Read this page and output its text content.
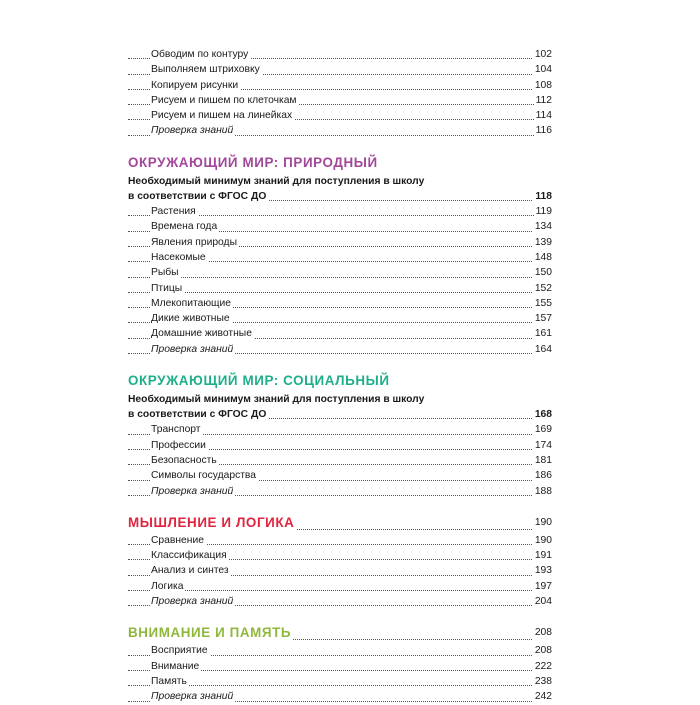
Обводим по контуру	102
Выполняем штриховку	104
Копируем рисунки	108
Рисуем и пишем по клеточкам	112
Рисуем и пишем на линейках	114
Проверка знаний	116
ОКРУЖАЮЩИЙ МИР: ПРИРОДНЫЙ
Необходимый минимум знаний для поступления в школу
в соответствии с ФГОС ДО	118
Растения	119
Времена года	134
Явления природы	139
Насекомые	148
Рыбы	150
Птицы	152
Млекопитающие	155
Дикие животные	157
Домашние животные	161
Проверка знаний	164
ОКРУЖАЮЩИЙ МИР: СОЦИАЛЬНЫЙ
Необходимый минимум знаний для поступления в школу
в соответствии с ФГОС ДО	168
Транспорт	169
Профессии	174
Безопасность	181
Символы государства	186
Проверка знаний	188
МЫШЛЕНИЕ И ЛОГИКА	190
Сравнение	190
Классификация	191
Анализ и синтез	193
Логика	197
Проверка знаний	204
ВНИМАНИЕ И ПАМЯТЬ	208
Восприятие	208
Внимание	222
Память	238
Проверка знаний	242
